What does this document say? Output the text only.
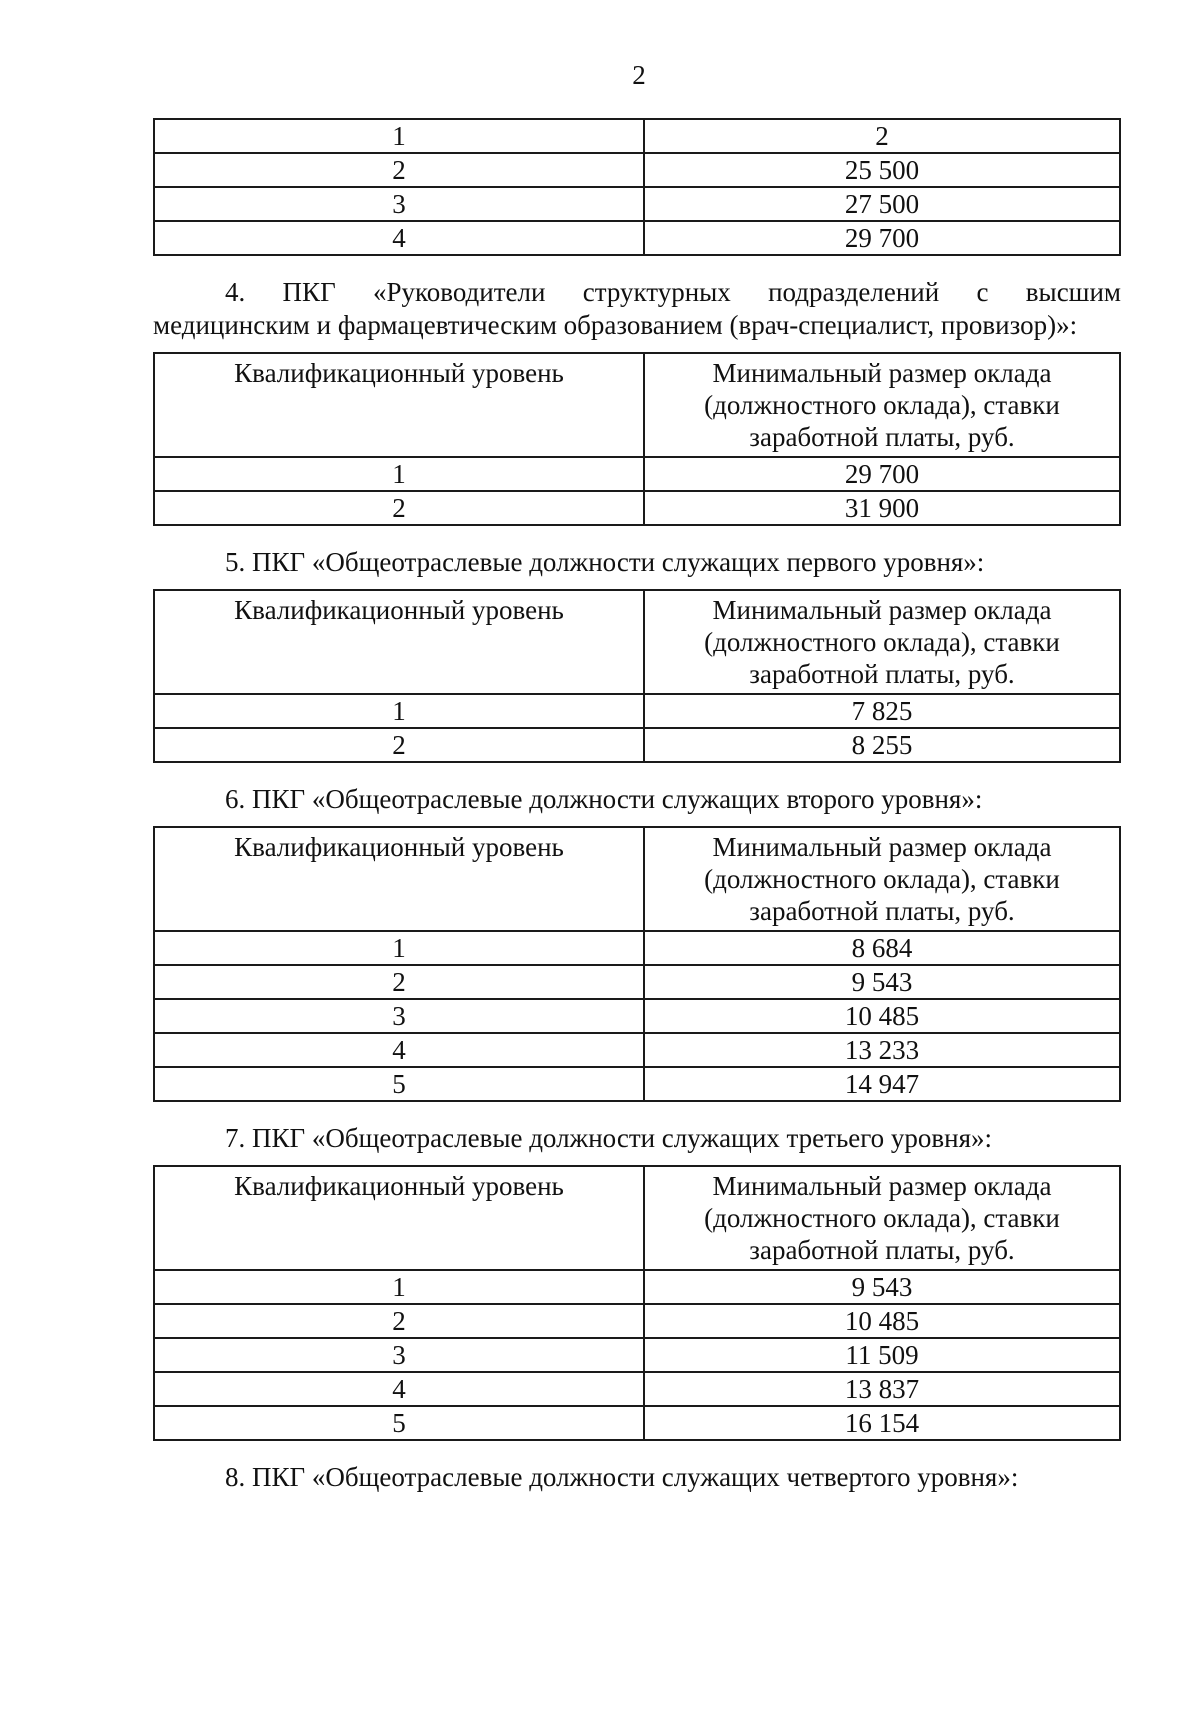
2
1	2
2	25 500
3	27 500
4	29 700

4. ПКГ «Руководители структурных подразделений с высшим

медицинским и фармацевтическим образованием (врач-специалист, провизор)»:

Квалификационный уровень	Минимальный размер оклада
(должностного оклада), ставки
заработной платы, руб.

1	29 700
2	31 900

5. ПКГ «Общеотраслевые должности служащих первого уровня»:

Квалификационный уровень	Минимальный размер оклада
(должностного оклада), ставки
заработной платы, руб.

1	7 825
2	8 255

6. ПКГ «Общеотраслевые должности служащих второго уровня»:

Квалификационный уровень	Минимальный размер оклада
(должностного оклада), ставки
заработной платы, руб.

1	8 684
2	9 543
3	10 485
4	13 233
5	14 947

7. ПКГ «Общеотраслевые должности служащих третьего уровня»:

Квалификационный уровень	Минимальный размер оклада
(должностного оклада), ставки
заработной платы, руб.

1	9 543
2	10 485
3	11 509
4	13 837
5	16 154

8. ПКГ «Общеотраслевые должности служащих четвертого уровня»:
